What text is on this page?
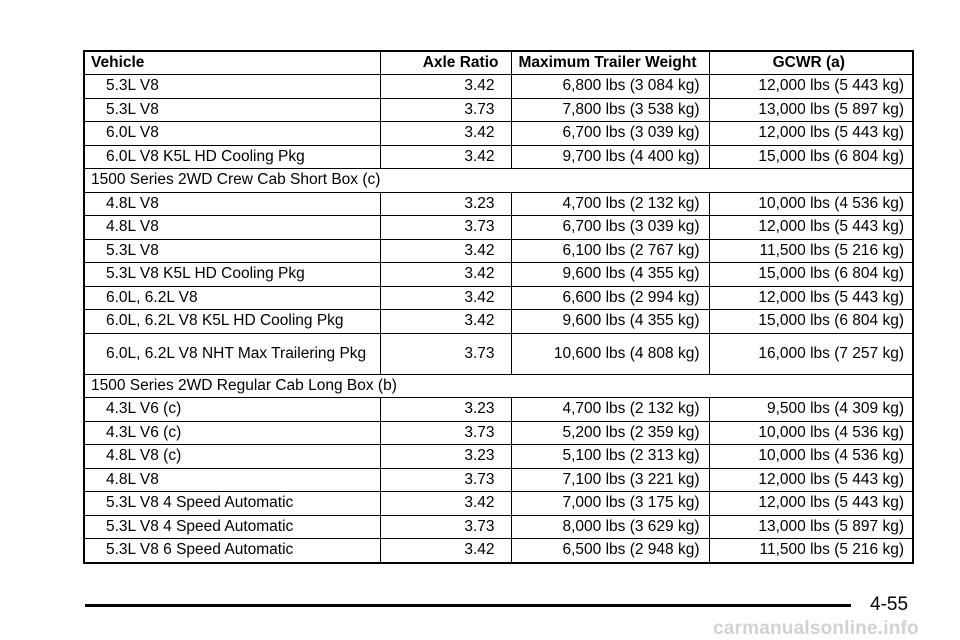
Vehicle	Axle Ratio	Maximum Trailer Weight	GCWR (a)
5.3L V8	3.42	6,800 lbs (3 084 kg)	12,000 lbs (5 443 kg)
5.3L V8	3.73	7,800 lbs (3 538 kg)	13,000 lbs (5 897 kg)
6.0L V8	3.42	6,700 lbs (3 039 kg)	12,000 lbs (5 443 kg)
6.0L V8 K5L HD Cooling Pkg	3.42	9,700 lbs (4 400 kg)	15,000 lbs (6 804 kg)
1500 Series 2WD Crew Cab Short Box (c)			
4.8L V8	3.23	4,700 lbs (2 132 kg)	10,000 lbs (4 536 kg)
4.8L V8	3.73	6,700 lbs (3 039 kg)	12,000 lbs (5 443 kg)
5.3L V8	3.42	6,100 lbs (2 767 kg)	11,500 lbs (5 216 kg)
5.3L V8 K5L HD Cooling Pkg	3.42	9,600 lbs (4 355 kg)	15,000 lbs (6 804 kg)
6.0L, 6.2L V8	3.42	6,600 lbs (2 994 kg)	12,000 lbs (5 443 kg)
6.0L, 6.2L V8 K5L HD Cooling Pkg	3.42	9,600 lbs (4 355 kg)	15,000 lbs (6 804 kg)
6.0L, 6.2L V8 NHT Max Trailering Pkg	3.73	10,600 lbs (4 808 kg)	16,000 lbs (7 257 kg)
1500 Series 2WD Regular Cab Long Box (b)			
4.3L V6 (c)	3.23	4,700 lbs (2 132 kg)	9,500 lbs (4 309 kg)
4.3L V6 (c)	3.73	5,200 lbs (2 359 kg)	10,000 lbs (4 536 kg)
4.8L V8 (c)	3.23	5,100 lbs (2 313 kg)	10,000 lbs (4 536 kg)
4.8L V8	3.73	7,100 lbs (3 221 kg)	12,000 lbs (5 443 kg)
5.3L V8 4 Speed Automatic	3.42	7,000 lbs (3 175 kg)	12,000 lbs (5 443 kg)
5.3L V8 4 Speed Automatic	3.73	8,000 lbs (3 629 kg)	13,000 lbs (5 897 kg)
5.3L V8 6 Speed Automatic	3.42	6,500 lbs (2 948 kg)	11,500 lbs (5 216 kg)
4-55
carmanualsonline.info
